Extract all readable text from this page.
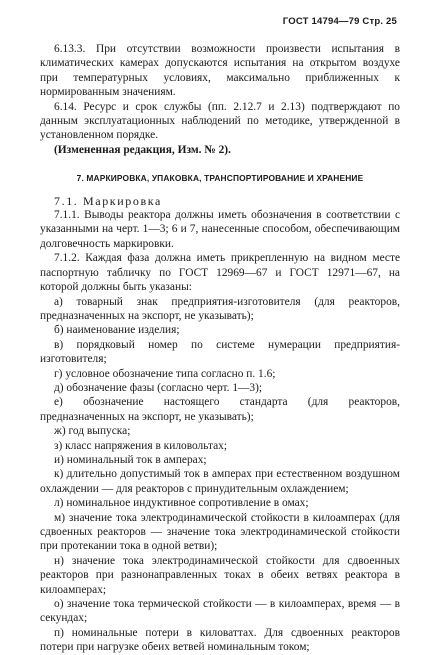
ГОСТ 14794—79 Стр. 25

6.13.3. При отсутствии возможности произвести испытания в климатических камерах допускаются испытания на открытом воздухе при температурных условиях, максимально приближенных к нормированным значениям.

6.14. Ресурс и срок службы (пп. 2.12.7 и 2.13) подтверждают по данным эксплуатационных наблюдений по методике, утвержденной в установленном порядке.

(Измененная редакция, Изм. № 2).

7. МАРКИРОВКА, УПАКОВКА, ТРАНСПОРТИРОВАНИЕ И ХРАНЕНИЕ

7.1. Маркировка

7.1.1. Выводы реактора должны иметь обозначения в соответствии с указанными на черт. 1—3; 6 и 7, нанесенные способом, обеспечивающим долговечность маркировки.

7.1.2. Каждая фаза должна иметь прикрепленную на видном месте паспортную табличку по ГОСТ 12969—67 и ГОСТ 12971—67, на которой должны быть указаны:

а) товарный знак предприятия-изготовителя (для реакторов, предназначенных на экспорт, не указывать);

б) наименование изделия;

в) порядковый номер по системе нумерации предприятия-изготовителя;

г) условное обозначение типа согласно п. 1.6;

д) обозначение фазы (согласно черт. 1—3);

е) обозначение настоящего стандарта (для реакторов, предназначенных на экспорт, не указывать);

ж) год выпуска;

з) класс напряжения в киловольтах;

и) номинальный ток в амперах;

к) длительно допустимый ток в амперах при естественном воздушном охлаждении — для реакторов с принудительным охлаждением;

л) номинальное индуктивное сопротивление в омах;

м) значение тока электродинамической стойкости в килоамперах (для сдвоенных реакторов — значение тока электродинамической стойкости при протекании тока в одной ветви);

н) значение тока электродинамической стойкости для сдвоенных реакторов при разнонаправленных токах в обеих ветвях реактора в килоамперах;

о) значение тока термической стойкости — в килоамперах, время — в секундах;

п) номинальные потери в киловаттах. Для сдвоенных реакторов потери при нагрузке обеих ветвей номинальным током;
